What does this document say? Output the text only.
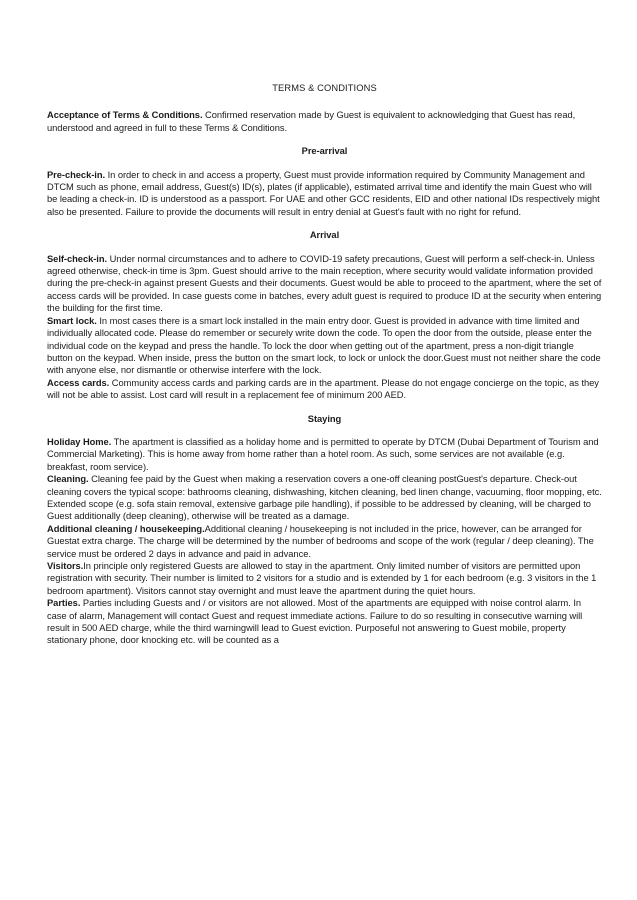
TERMS & CONDITIONS

Acceptance of Terms & Conditions. Confirmed reservation made by Guest is equivalent to acknowledging that Guest has read, understood and agreed in full to these Terms & Conditions.

Pre-arrival

Pre-check-in. In order to check in and access a property, Guest must provide information required by Community Management and DTCM such as phone, email address, Guest(s) ID(s), plates (if applicable), estimated arrival time and identify the main Guest who will be leading a check-in. ID is understood as a passport. For UAE and other GCC residents, EID and other national IDs respectively might also be presented. Failure to provide the documents will result in entry denial at Guest's fault with no right for refund.

Arrival

Self-check-in. Under normal circumstances and to adhere to COVID-19 safety precautions, Guest will perform a self-check-in. Unless agreed otherwise, check-in time is 3pm. Guest should arrive to the main reception, where security would validate information provided during the pre-check-in against present Guests and their documents. Guest would be able to proceed to the apartment, where the set of access cards will be provided. In case guests come in batches, every adult guest is required to produce ID at the security when entering the building for the first time.

Smart lock. In most cases there is a smart lock installed in the main entry door. Guest is provided in advance with time limited and individually allocated code. Please do remember or securely write down the code. To open the door from the outside, please enter the individual code on the keypad and press the handle. To lock the door when getting out of the apartment, press a non-digit triangle button on the keypad. When inside, press the button on the smart lock, to lock or unlock the door.Guest must not neither share the code with anyone else, nor dismantle or otherwise interfere with the lock.

Access cards. Community access cards and parking cards are in the apartment. Please do not engage concierge on the topic, as they will not be able to assist. Lost card will result in a replacement fee of minimum 200 AED.

Staying

Holiday Home. The apartment is classified as a holiday home and is permitted to operate by DTCM (Dubai Department of Tourism and Commercial Marketing). This is home away from home rather than a hotel room. As such, some services are not available (e.g. breakfast, room service).

Cleaning. Cleaning fee paid by the Guest when making a reservation covers a one-off cleaning postGuest's departure. Check-out cleaning covers the typical scope: bathrooms cleaning, dishwashing, kitchen cleaning, bed linen change, vacuuming, floor mopping, etc. Extended scope (e.g. sofa stain removal, extensive garbage pile handling), if possible to be addressed by cleaning, will be charged to Guest additionally (deep cleaning), otherwise will be treated as a damage.

Additional cleaning / housekeeping.Additional cleaning / housekeeping is not included in the price, however, can be arranged for Guestat extra charge. The charge will be determined by the number of bedrooms and scope of the work (regular / deep cleaning). The service must be ordered 2 days in advance and paid in advance.

Visitors.In principle only registered Guests are allowed to stay in the apartment. Only limited number of visitors are permitted upon registration with security. Their number is limited to 2 visitors for a studio and is extended by 1 for each bedroom (e.g. 3 visitors in the 1 bedroom apartment). Visitors cannot stay overnight and must leave the apartment during the quiet hours.

Parties. Parties including Guests and / or visitors are not allowed. Most of the apartments are equipped with noise control alarm. In case of alarm, Management will contact Guest and request immediate actions. Failure to do so resulting in consecutive warning will result in 500 AED charge, while the third warningwill lead to Guest eviction. Purposeful not answering to Guest mobile, property stationary phone, door knocking etc. will be counted as a
